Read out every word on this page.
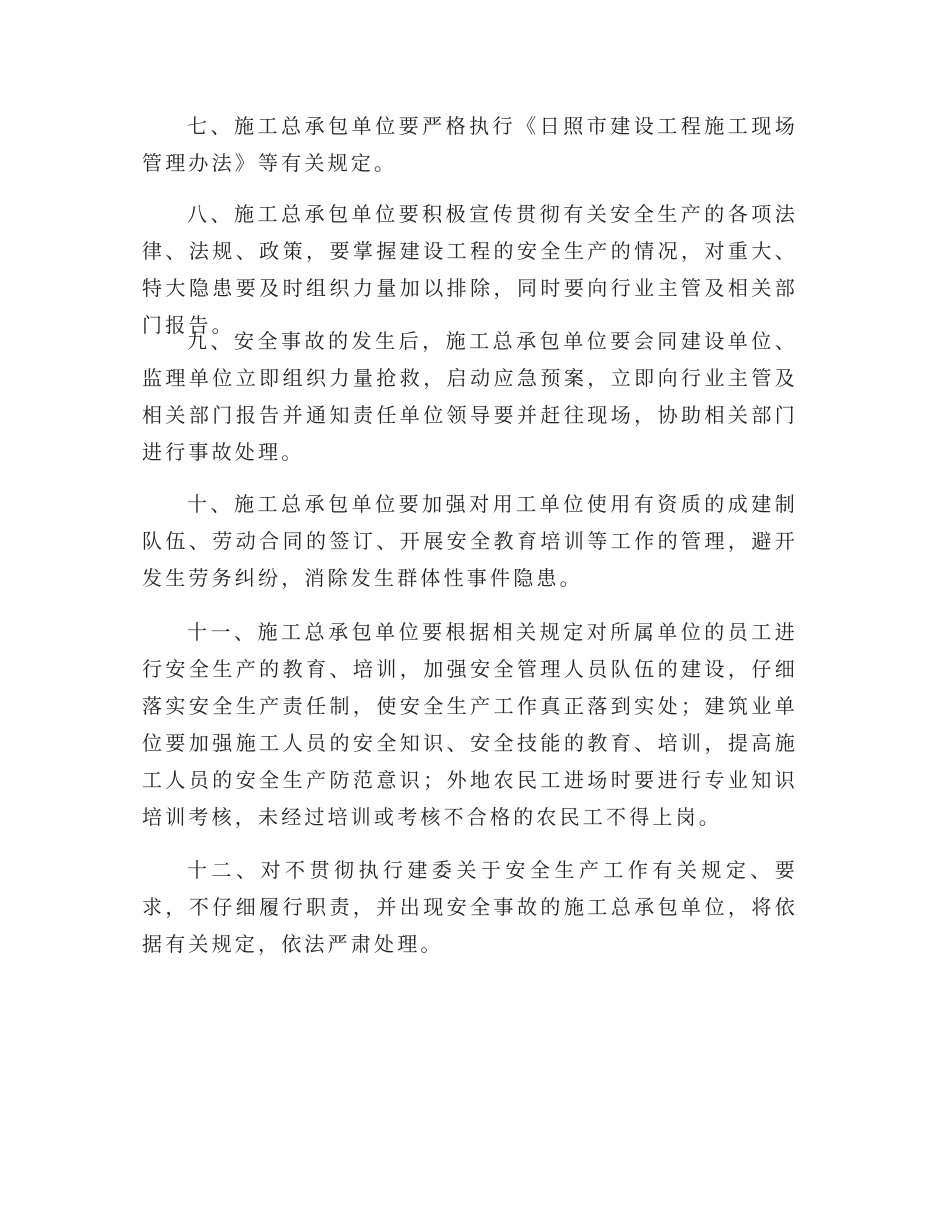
七、施工总承包单位要严格执行《日照市建设工程施工现场管理办法》等有关规定。

八、施工总承包单位要积极宣传贯彻有关安全生产的各项法律、法规、政策，要掌握建设工程的安全生产的情况，对重大、特大隐患要及时组织力量加以排除，同时要向行业主管及相关部门报告。

九、安全事故的发生后，施工总承包单位要会同建设单位、监理单位立即组织力量抢救，启动应急预案，立即向行业主管及相关部门报告并通知责任单位领导要并赶往现场，协助相关部门进行事故处理。

十、施工总承包单位要加强对用工单位使用有资质的成建制队伍、劳动合同的签订、开展安全教育培训等工作的管理，避开发生劳务纠纷，消除发生群体性事件隐患。

十一、施工总承包单位要根据相关规定对所属单位的员工进行安全生产的教育、培训，加强安全管理人员队伍的建设，仔细落实安全生产责任制，使安全生产工作真正落到实处；建筑业单位要加强施工人员的安全知识、安全技能的教育、培训，提高施工人员的安全生产防范意识；外地农民工进场时要进行专业知识培训考核，未经过培训或考核不合格的农民工不得上岗。

十二、对不贯彻执行建委关于安全生产工作有关规定、要求，不仔细履行职责，并出现安全事故的施工总承包单位，将依据有关规定，依法严肃处理。
